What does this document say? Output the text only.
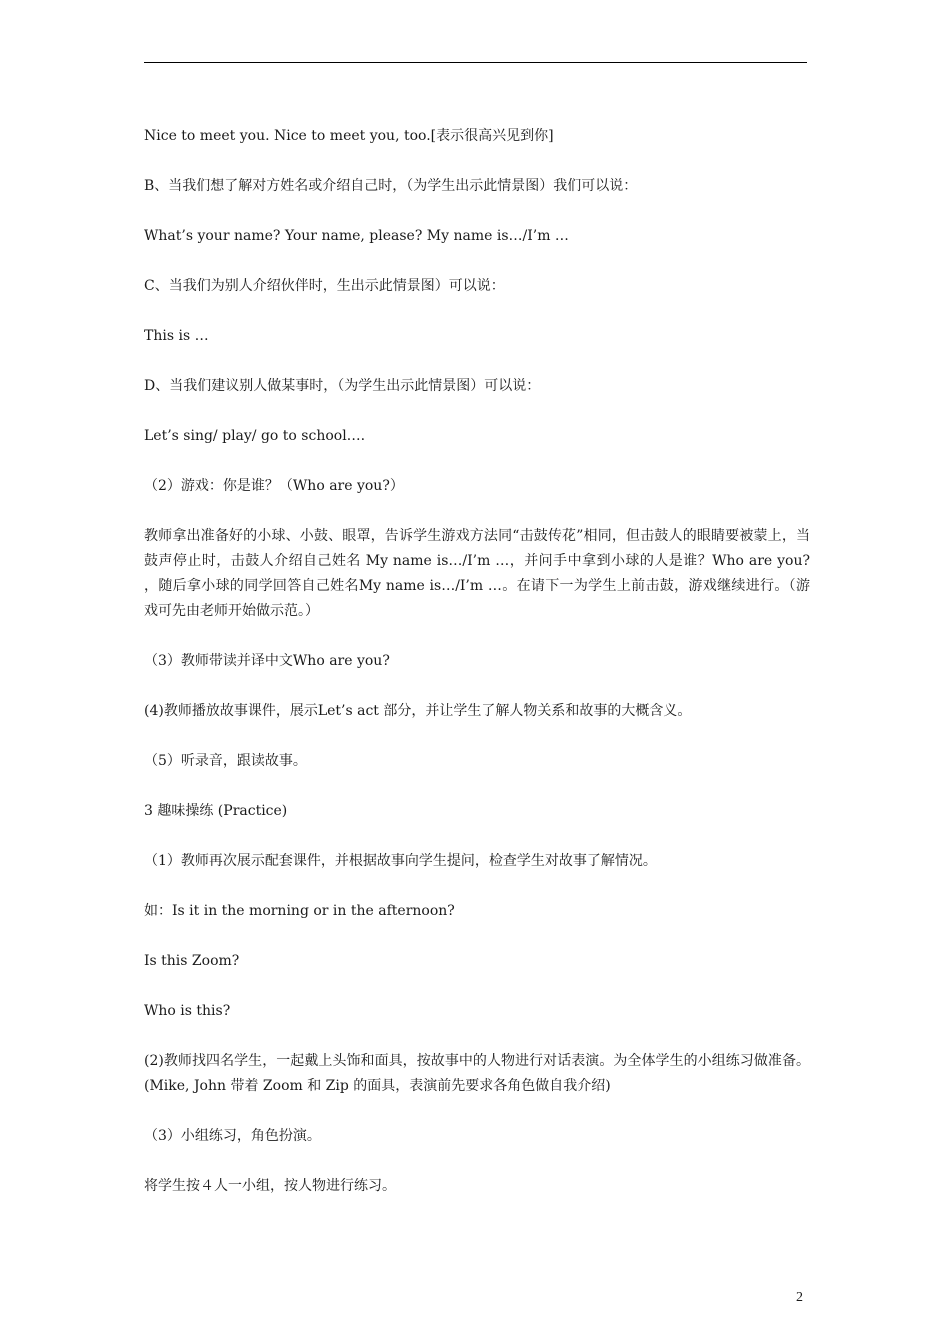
Nice to meet you. Nice to meet you, too.[表示很高兴见到你]

B、当我们想了解对方姓名或介绍自己时，（为学生出示此情景图）我们可以说：

What’s your name? Your name, please? My name is…/I’m …

C、当我们为别人介绍伙伴时，生出示此情景图）可以说：

This is …

D、当我们建议别人做某事时，（为学生出示此情景图）可以说：

Let’s sing/ play/ go to school….

（2）游戏：你是谁？（Who are you?）

教师拿出准备好的小球、小鼓、眼罩，告诉学生游戏方法同“击鼓传花”相同，但击鼓人的眼睛要被蒙上，当鼓声停止时，击鼓人介绍自己姓名 My name is…/I’m …，并问手中拿到小球的人是谁？Who are you? ，随后拿小球的同学回答自己姓名My name is…/I’m …。在请下一为学生上前击鼓，游戏继续进行。（游戏可先由老师开始做示范。）

（3）教师带读并译中文Who are you?

(4)教师播放故事课件，展示Let’s act 部分，并让学生了解人物关系和故事的大概含义。

（5）听录音，跟读故事。

3 趣味操练 (Practice)

（1）教师再次展示配套课件，并根据故事向学生提问，检查学生对故事了解情况。

如：Is it in the morning or in the afternoon?

Is this Zoom?

Who is this?

(2)教师找四名学生，一起戴上头饰和面具，按故事中的人物进行对话表演。为全体学生的小组练习做准备。(Mike, John 带着 Zoom 和 Zip 的面具，表演前先要求各角色做自我介绍)

（3）小组练习，角色扮演。

将学生按４人一小组，按人物进行练习。

2
